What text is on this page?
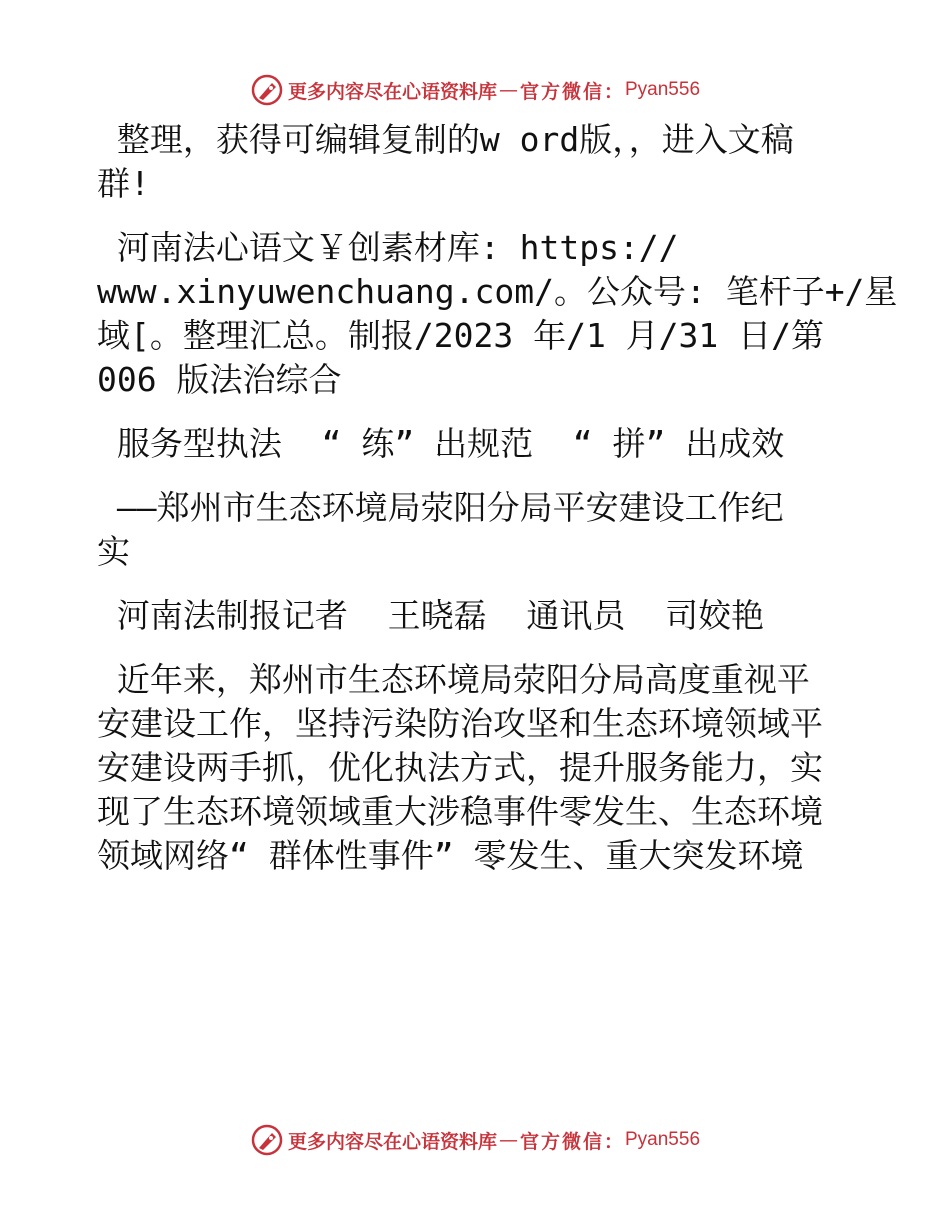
更多内容尽在心语资料库 — 官方微信： Pyan556
整理，获得可编辑复制的w ord版，，进入文稿
群!
河南法心语文￥创素材库: https://
www.xinyuwenchuang.com/。公众号: 笔杆子+/星
域[。整理汇总。制报/2023 年/1 月/31 日/第
006 版法治综合
服务型执法  “ 练” 出规范  “ 拼” 出成效
——郑州市生态环境局荥阳分局平安建设工作纪
实
河南法制报记者  王晓磊  通讯员  司姣艳
近年来，郑州市生态环境局荥阳分局高度重视平
安建设工作，坚持污染防治攻坚和生态环境领域平
安建设两手抓，优化执法方式，提升服务能力，实
现了生态环境领域重大涉稳事件零发生、生态环境
领域网络“ 群体性事件” 零发生、重大突发环境
更多内容尽在心语资料库 — 官方微信： Pyan556
